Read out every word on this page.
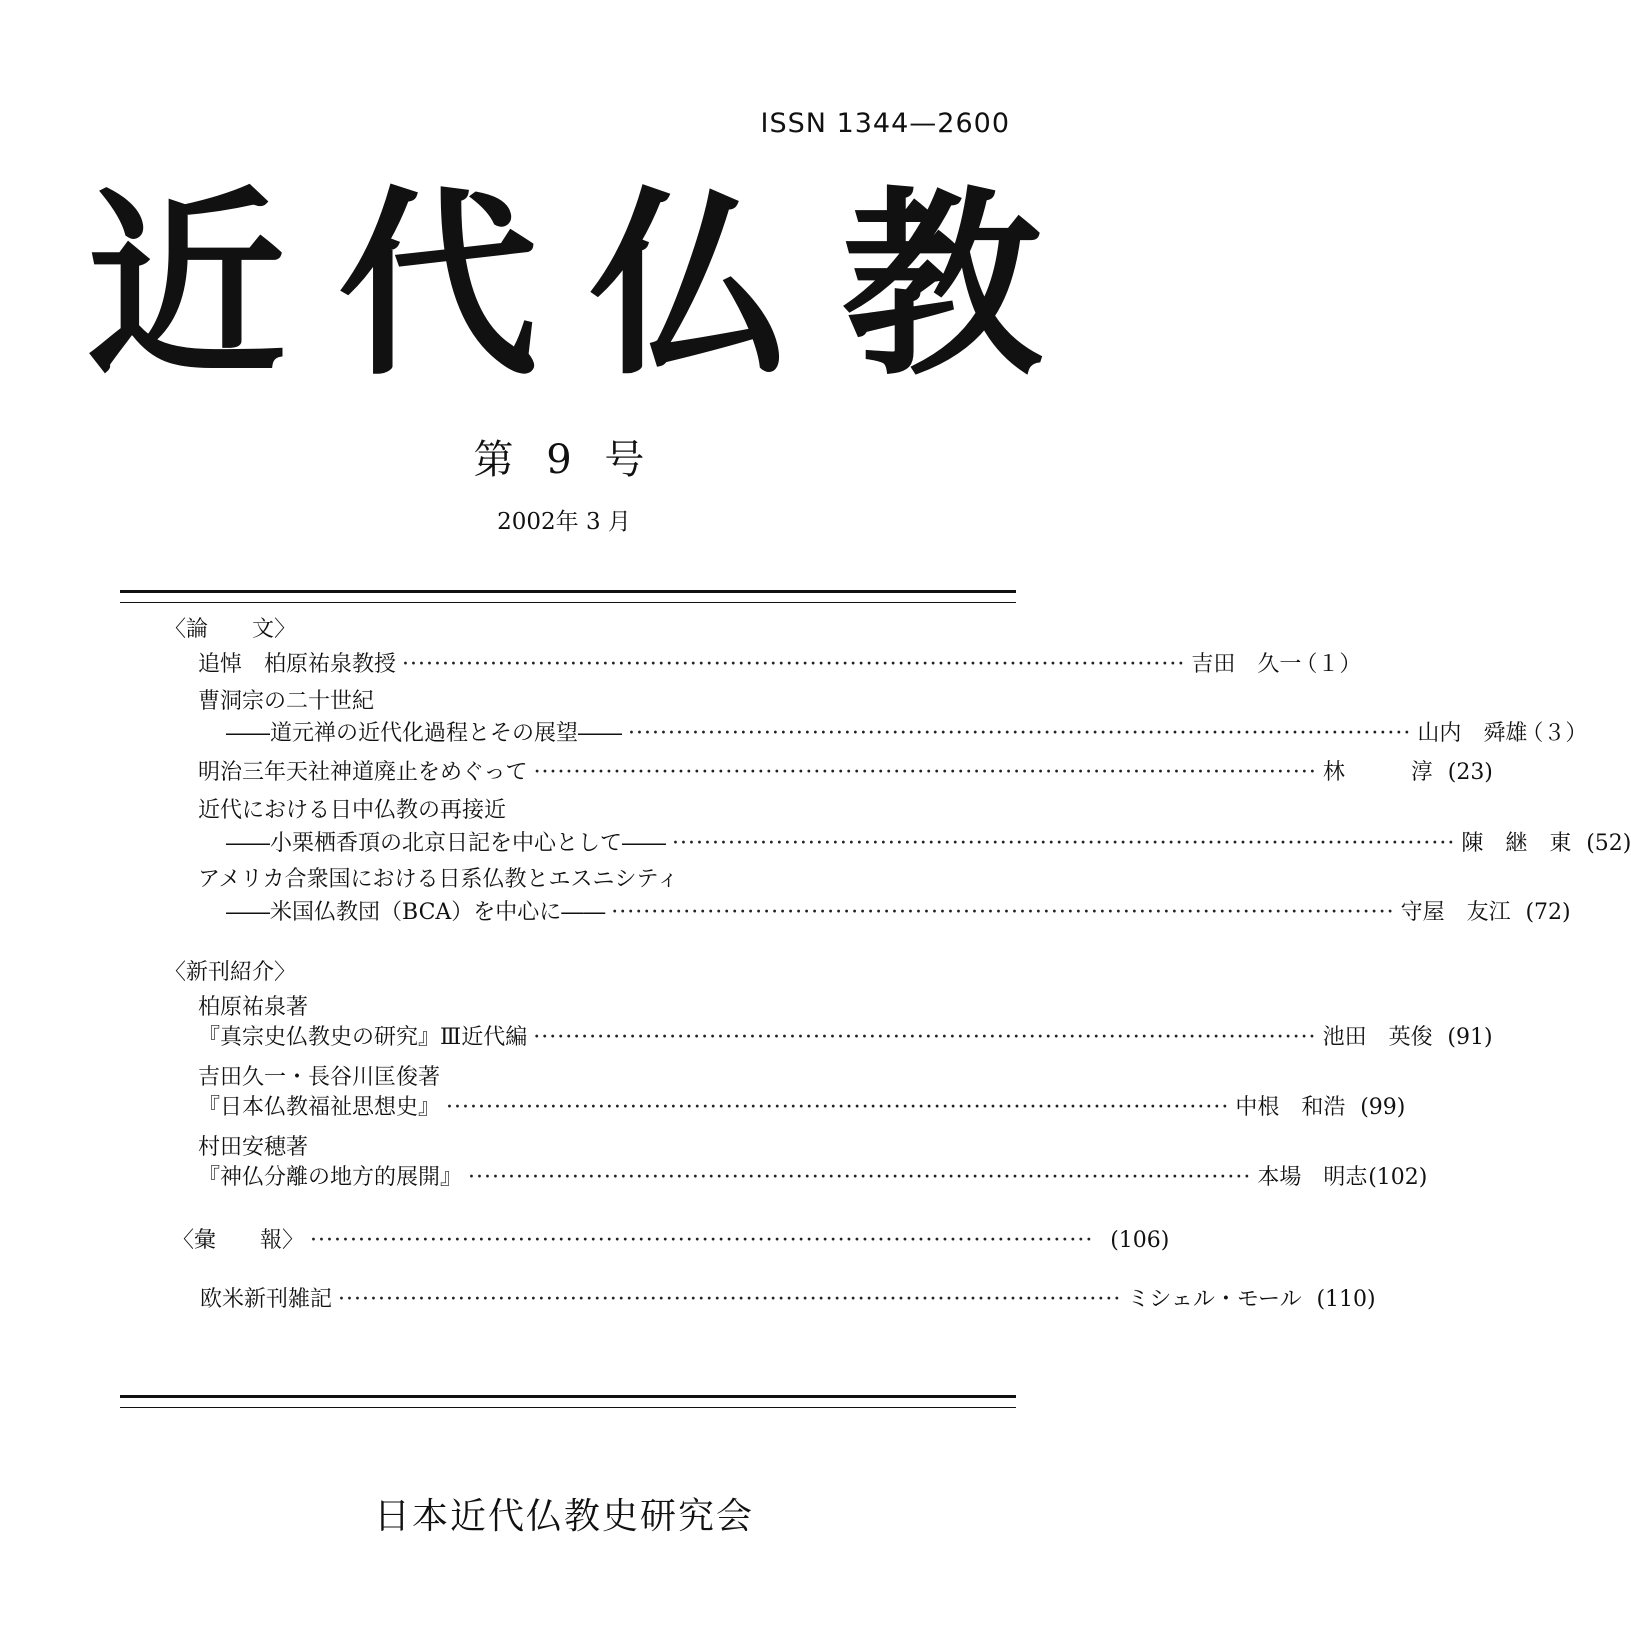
ISSN 1344—2600
近 代 仏 教
第 9 号
2002年 3 月
〈論　　文〉
追悼　柏原祐泉教授 ·································································································· 吉田　久一
（１）
曹洞宗の二十世紀
――道元禅の近代化過程とその展望―― ·································································································· 山内　舜雄
（３）
明治三年天社神道廃止をめぐって ·································································································· 林　　　淳 (23)
近代における日中仏教の再接近
――小栗栖香頂の北京日記を中心として―― ·································································································· 陳　継　東 (52)
アメリカ合衆国における日系仏教とエスニシティ
――米国仏教団（BCA）を中心に―― ·································································································· 守屋　友江 (72)
〈新刊紹介〉
柏原祐泉著
『真宗史仏教史の研究』Ⅲ近代編 ·································································································· 池田　英俊 (91)
吉田久一・長谷川匡俊著
『日本仏教福祉思想史』 ·································································································· 中根　和浩 (99)
村田安穂著
『神仏分離の地方的展開』 ·································································································· 本場　明志 (102)
〈彙　　報〉 ·································································································· (106)
欧米新刊雑記 ·································································································· ミシェル・モール (110)
日本近代仏教史研究会
